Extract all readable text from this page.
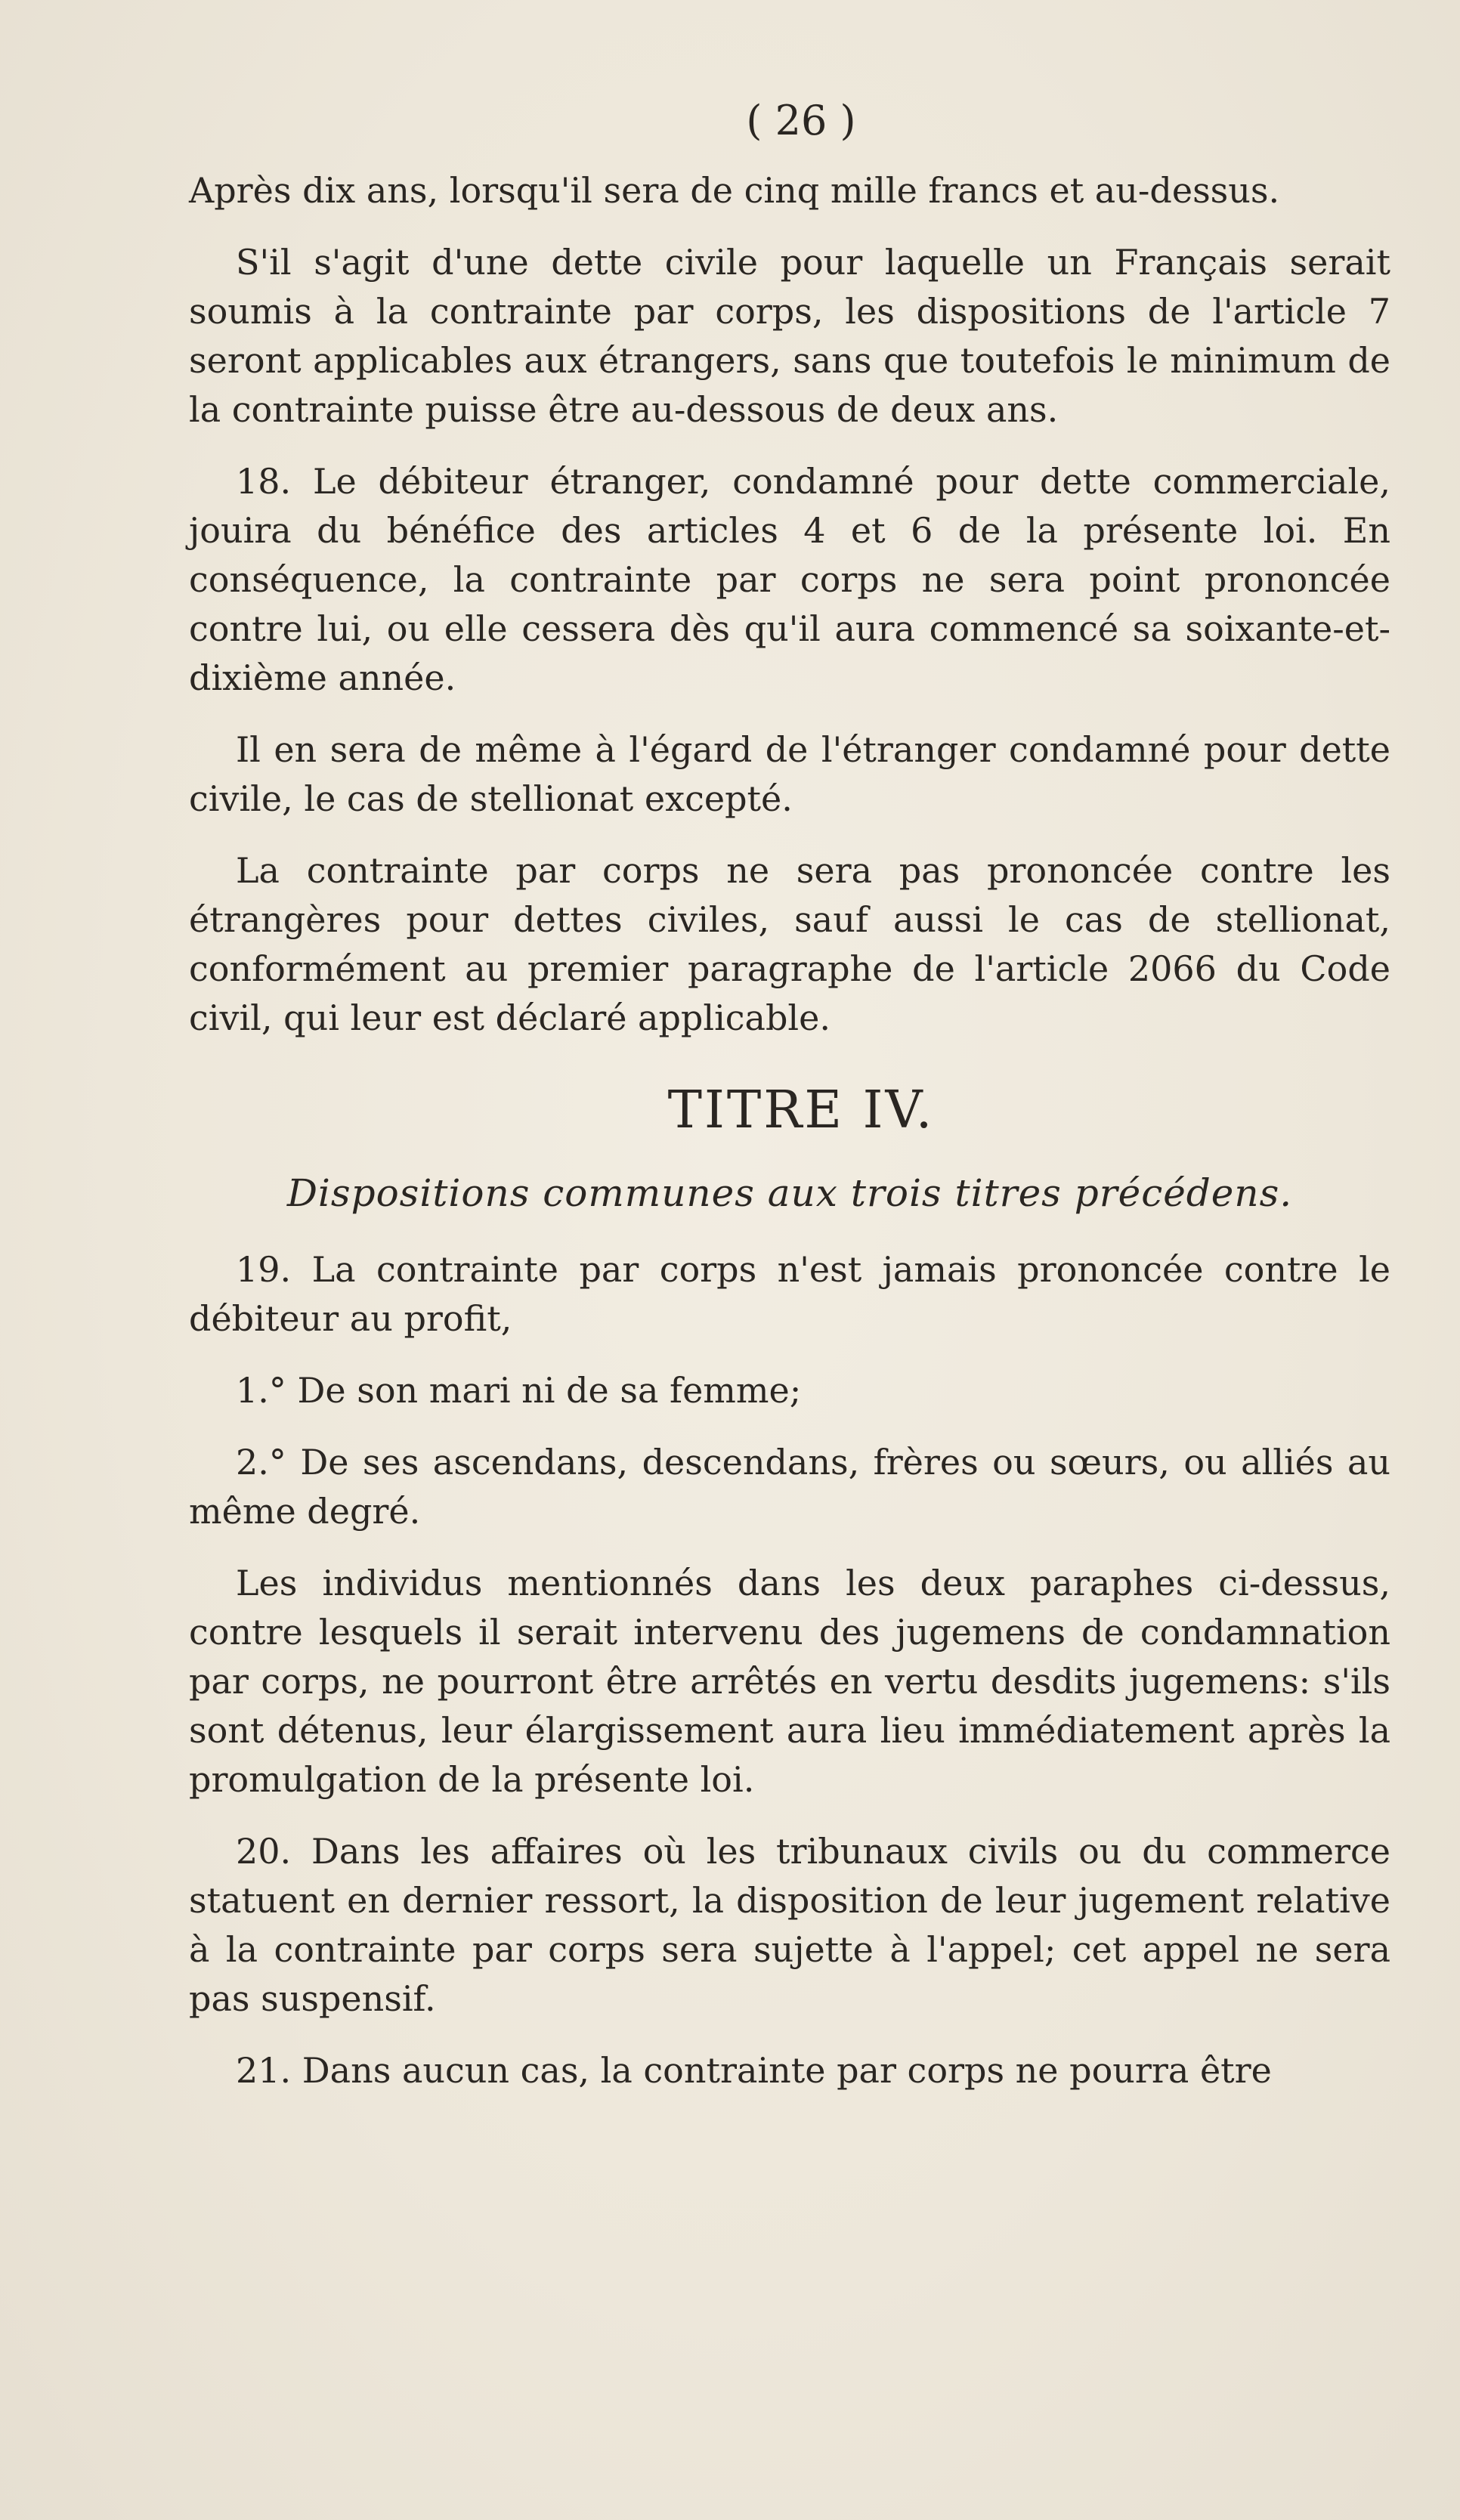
( 26 )

Après dix ans, lorsqu'il sera de cinq mille francs et au-dessus.

S'il s'agit d'une dette civile pour laquelle un Français serait soumis à la contrainte par corps, les dispositions de l'article 7 seront applicables aux étrangers, sans que toutefois le minimum de la contrainte puisse être au-dessous de deux ans.

18. Le débiteur étranger, condamné pour dette commerciale, jouira du bénéfice des articles 4 et 6 de la présente loi. En conséquence, la contrainte par corps ne sera point prononcée contre lui, ou elle cessera dès qu'il aura commencé sa soixante-et-dixième année.

Il en sera de même à l'égard de l'étranger condamné pour dette civile, le cas de stellionat excepté.

La contrainte par corps ne sera pas prononcée contre les étrangères pour dettes civiles, sauf aussi le cas de stellionat, conformément au premier paragraphe de l'article 2066 du Code civil, qui leur est déclaré applicable.

TITRE IV.
Dispositions communes aux trois titres précédens.

19. La contrainte par corps n'est jamais prononcée contre le débiteur au profit,

1.° De son mari ni de sa femme;

2.° De ses ascendans, descendans, frères ou sœurs, ou alliés au même degré.

Les individus mentionnés dans les deux paraphes ci-dessus, contre lesquels il serait intervenu des jugemens de condamnation par corps, ne pourront être arrêtés en vertu desdits jugemens: s'ils sont détenus, leur élargissement aura lieu immédiatement après la promulgation de la présente loi.

20. Dans les affaires où les tribunaux civils ou du commerce statuent en dernier ressort, la disposition de leur jugement relative à la contrainte par corps sera sujette à l'appel; cet appel ne sera pas suspensif.

21. Dans aucun cas, la contrainte par corps ne pourra être
